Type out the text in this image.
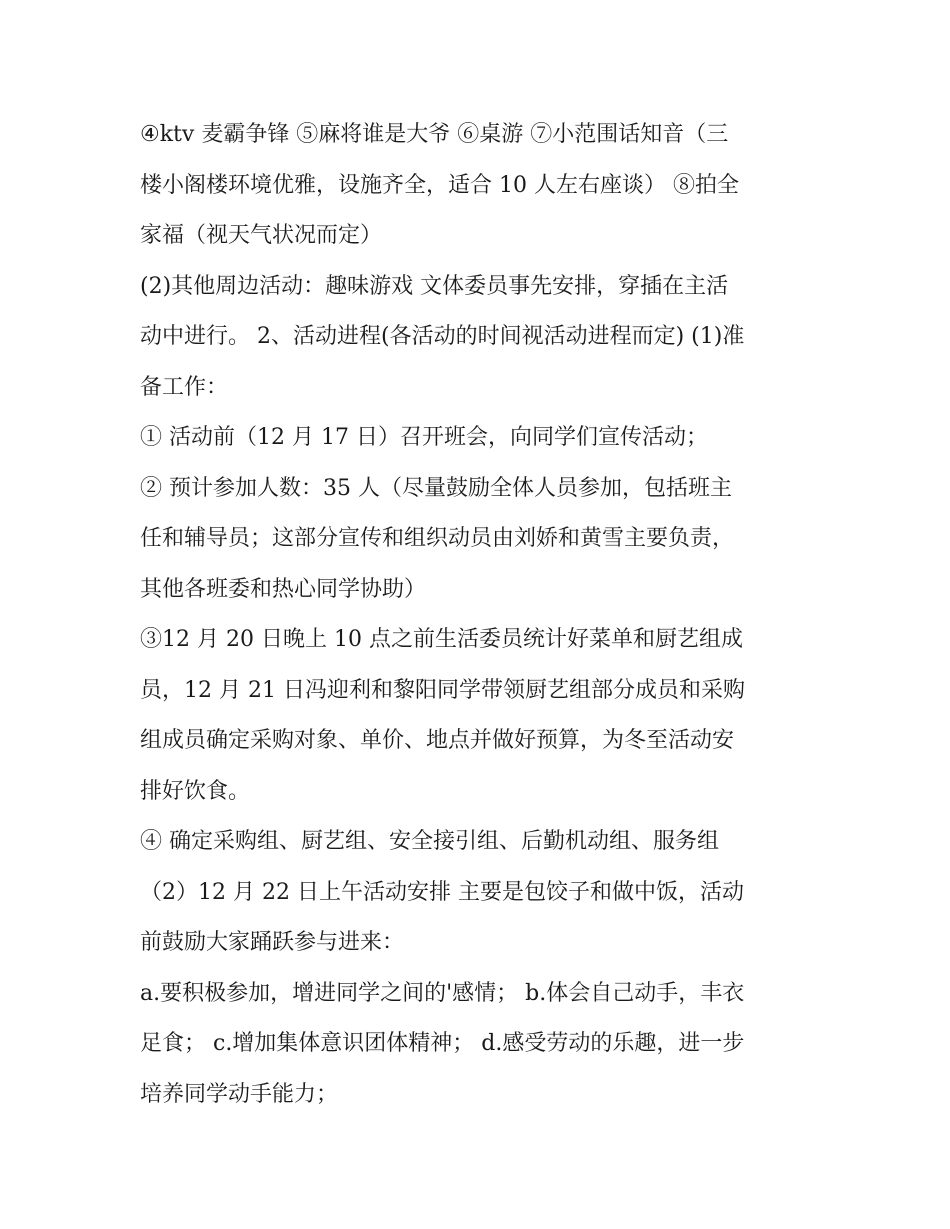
④ktv 麦霸争锋 ⑤麻将谁是大爷 ⑥桌游 ⑦小范围话知音（三
楼小阁楼环境优雅，设施齐全，适合 10 人左右座谈） ⑧拍全
家福（视天气状况而定）
(2)其他周边活动：趣味游戏 文体委员事先安排，穿插在主活
动中进行。 2、活动进程(各活动的时间视活动进程而定) (1)准
备工作：
① 活动前（12 月 17 日）召开班会，向同学们宣传活动；
② 预计参加人数：35 人（尽量鼓励全体人员参加，包括班主
任和辅导员；这部分宣传和组织动员由刘娇和黄雪主要负责，
其他各班委和热心同学协助）
③12 月 20 日晚上 10 点之前生活委员统计好菜单和厨艺组成
员，12 月 21 日冯迎利和黎阳同学带领厨艺组部分成员和采购
组成员确定采购对象、单价、地点并做好预算，为冬至活动安
排好饮食。
④ 确定采购组、厨艺组、安全接引组、后勤机动组、服务组
（2）12 月 22 日上午活动安排 主要是包饺子和做中饭，活动
前鼓励大家踊跃参与进来：
a.要积极参加，增进同学之间的'感情； b.体会自己动手，丰衣
足食； c.增加集体意识团体精神； d.感受劳动的乐趣，进一步
培养同学动手能力；
